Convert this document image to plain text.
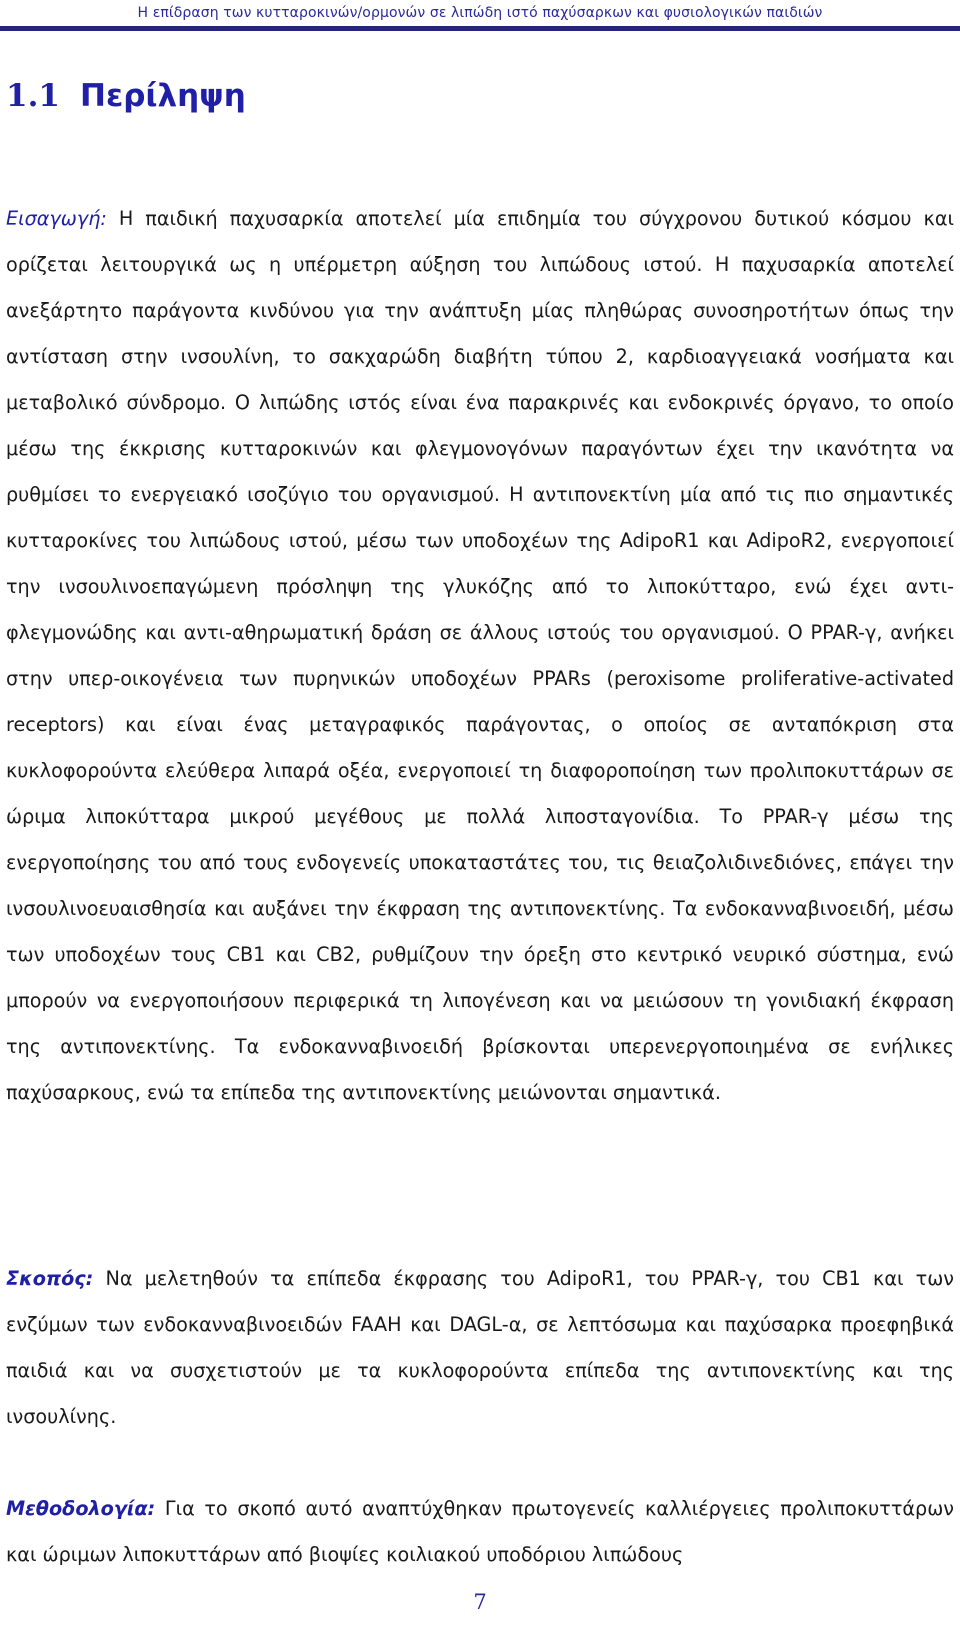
Η επίδραση των κυτταροκινών/ορμονών σε λιπώδη ιστό παχύσαρκων και φυσιολογικών παιδιών
1.1 Περίληψη

Εισαγωγή: Η παιδική παχυσαρκία αποτελεί μία επιδημία του σύγχρονου δυτικού κόσμου και ορίζεται λειτουργικά ως η υπέρμετρη αύξηση του λιπώδους ιστού. Η παχυσαρκία αποτελεί ανεξάρτητο παράγοντα κινδύνου για την ανάπτυξη μίας πληθώρας συνοσηροτήτων όπως την αντίσταση στην ινσουλίνη, το σακχαρώδη διαβήτη τύπου 2, καρδιοαγγειακά νοσήματα και μεταβολικό σύνδρομο. Ο λιπώδης ιστός είναι ένα παρακρινές και ενδοκρινές όργανο, το οποίο μέσω της έκκρισης κυτταροκινών και φλεγμονογόνων παραγόντων έχει την ικανότητα να ρυθμίσει το ενεργειακό ισοζύγιο του οργανισμού. Η αντιπονεκτίνη μία από τις πιο σημαντικές κυτταροκίνες του λιπώδους ιστού, μέσω των υποδοχέων της AdipoR1 και AdipoR2, ενεργοποιεί την ινσουλινοεπαγώμενη πρόσληψη της γλυκόζης από το λιποκύτταρο, ενώ έχει αντι-φλεγμονώδης και αντι-αθηρωματική δράση σε άλλους ιστούς του οργανισμού. Ο PPAR-γ, ανήκει στην υπερ-οικογένεια των πυρηνικών υποδοχέων PPARs (peroxisome proliferative-activated receptors) και είναι ένας μεταγραφικός παράγοντας, ο οποίος σε ανταπόκριση στα κυκλοφορούντα ελεύθερα λιπαρά οξέα, ενεργοποιεί τη διαφοροποίηση των προλιποκυττάρων σε ώριμα λιποκύτταρα μικρού μεγέθους με πολλά λιποσταγονίδια. Το PPAR-γ μέσω της ενεργοποίησης του από τους ενδογενείς υποκαταστάτες του, τις θειαζολιδινεδιόνες, επάγει την ινσουλινοευαισθησία και αυξάνει την έκφραση της αντιπονεκτίνης. Τα ενδοκανναβινοειδή, μέσω των υποδοχέων τους CB1 και CB2, ρυθμίζουν την όρεξη στο κεντρικό νευρικό σύστημα, ενώ μπορούν να ενεργοποιήσουν περιφερικά τη λιπογένεση και να μειώσουν τη γονιδιακή έκφραση της αντιπονεκτίνης. Τα ενδοκανναβινοειδή βρίσκονται υπερενεργοποιημένα σε ενήλικες παχύσαρκους, ενώ τα επίπεδα της αντιπονεκτίνης μειώνονται σημαντικά.

Σκοπός: Να μελετηθούν τα επίπεδα έκφρασης του AdipoR1, του PPAR-γ, του CB1 και των ενζύμων των ενδοκανναβινοειδών FAAH και DAGL-α, σε λεπτόσωμα και παχύσαρκα προεφηβικά παιδιά και να συσχετιστούν με τα κυκλοφορούντα επίπεδα της αντιπονεκτίνης και της ινσουλίνης.

Μεθοδολογία: Για το σκοπό αυτό αναπτύχθηκαν πρωτογενείς καλλιέργειες προλιποκυττάρων και ώριμων λιποκυττάρων από βιοψίες κοιλιακού υποδόριου λιπώδους

7
